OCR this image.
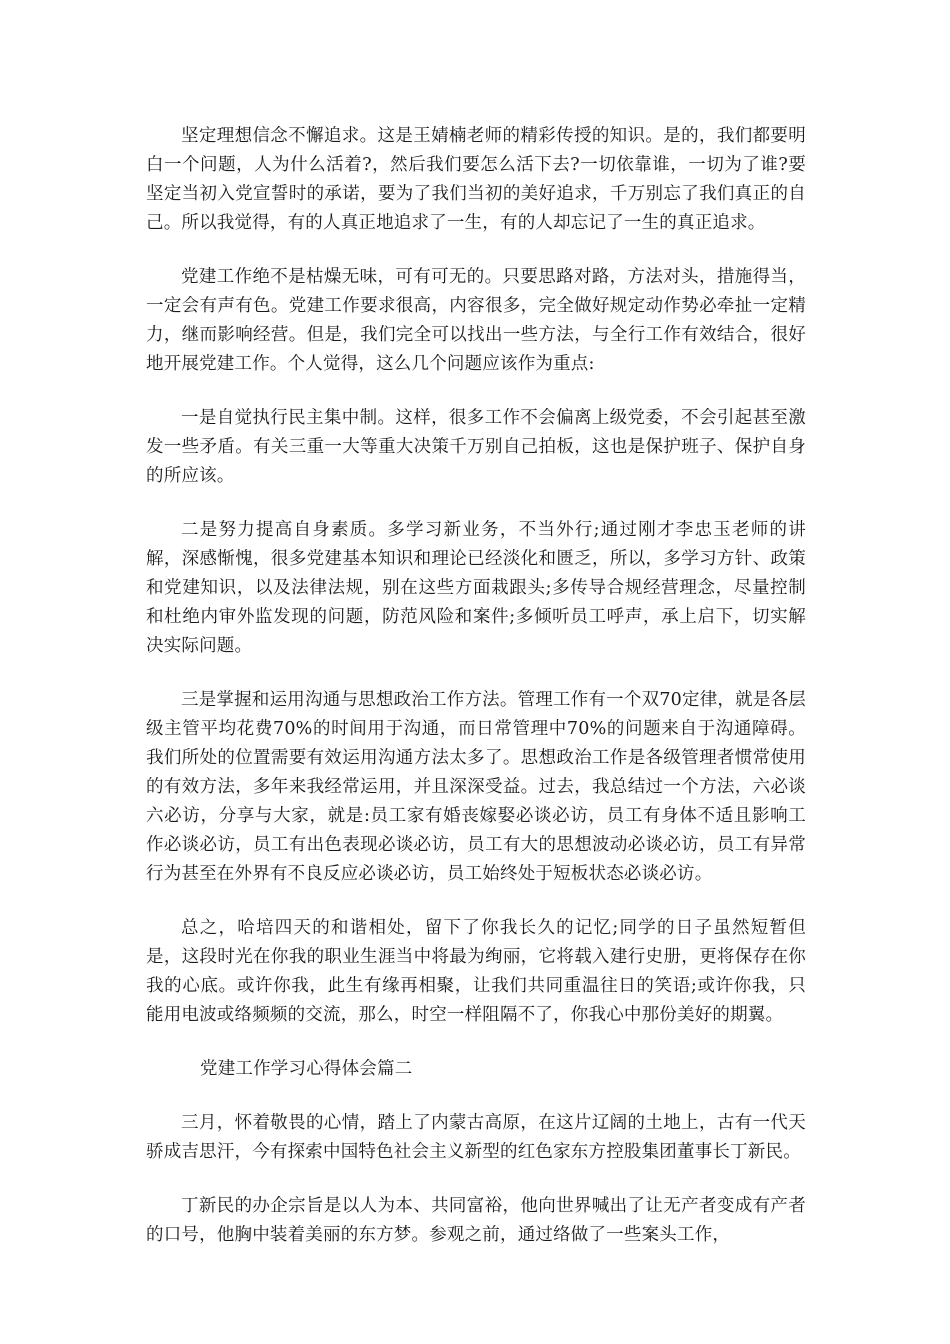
坚定理想信念不懈追求。这是王婧楠老师的精彩传授的知识。是的，我们都要明白一个问题，人为什么活着?，然后我们要怎么活下去?一切依靠谁，一切为了谁?要坚定当初入党宣誓时的承诺，要为了我们当初的美好追求，千万别忘了我们真正的自己。所以我觉得，有的人真正地追求了一生，有的人却忘记了一生的真正追求。

党建工作绝不是枯燥无味，可有可无的。只要思路对路，方法对头，措施得当，一定会有声有色。党建工作要求很高，内容很多，完全做好规定动作势必牵扯一定精力，继而影响经营。但是，我们完全可以找出一些方法，与全行工作有效结合，很好地开展党建工作。个人觉得，这么几个问题应该作为重点:

一是自觉执行民主集中制。这样，很多工作不会偏离上级党委，不会引起甚至激发一些矛盾。有关三重一大等重大决策千万别自己拍板，这也是保护班子、保护自身的所应该。

二是努力提高自身素质。多学习新业务，不当外行;通过刚才李忠玉老师的讲解，深感惭愧，很多党建基本知识和理论已经淡化和匮乏，所以，多学习方针、政策和党建知识，以及法律法规，别在这些方面栽跟头;多传导合规经营理念，尽量控制和杜绝内审外监发现的问题，防范风险和案件;多倾听员工呼声，承上启下，切实解决实际问题。

三是掌握和运用沟通与思想政治工作方法。管理工作有一个双70定律，就是各层级主管平均花费70%的时间用于沟通，而日常管理中70%的问题来自于沟通障碍。我们所处的位置需要有效运用沟通方法太多了。思想政治工作是各级管理者惯常使用的有效方法，多年来我经常运用，并且深深受益。过去，我总结过一个方法，六必谈六必访，分享与大家，就是:员工家有婚丧嫁娶必谈必访，员工有身体不适且影响工作必谈必访，员工有出色表现必谈必访，员工有大的思想波动必谈必访，员工有异常行为甚至在外界有不良反应必谈必访，员工始终处于短板状态必谈必访。

总之，哈培四天的和谐相处，留下了你我长久的记忆;同学的日子虽然短暂但是，这段时光在你我的职业生涯当中将最为绚丽，它将载入建行史册，更将保存在你我的心底。或许你我，此生有缘再相聚，让我们共同重温往日的笑语;或许你我，只能用电波或络频频的交流，那么，时空一样阻隔不了，你我心中那份美好的期翼。

党建工作学习心得体会篇二

三月，怀着敬畏的心情，踏上了内蒙古高原，在这片辽阔的土地上，古有一代天骄成吉思汗，今有探索中国特色社会主义新型的红色家东方控股集团董事长丁新民。

丁新民的办企宗旨是以人为本、共同富裕，他向世界喊出了让无产者变成有产者的口号，他胸中装着美丽的东方梦。参观之前，通过络做了一些案头工作，
